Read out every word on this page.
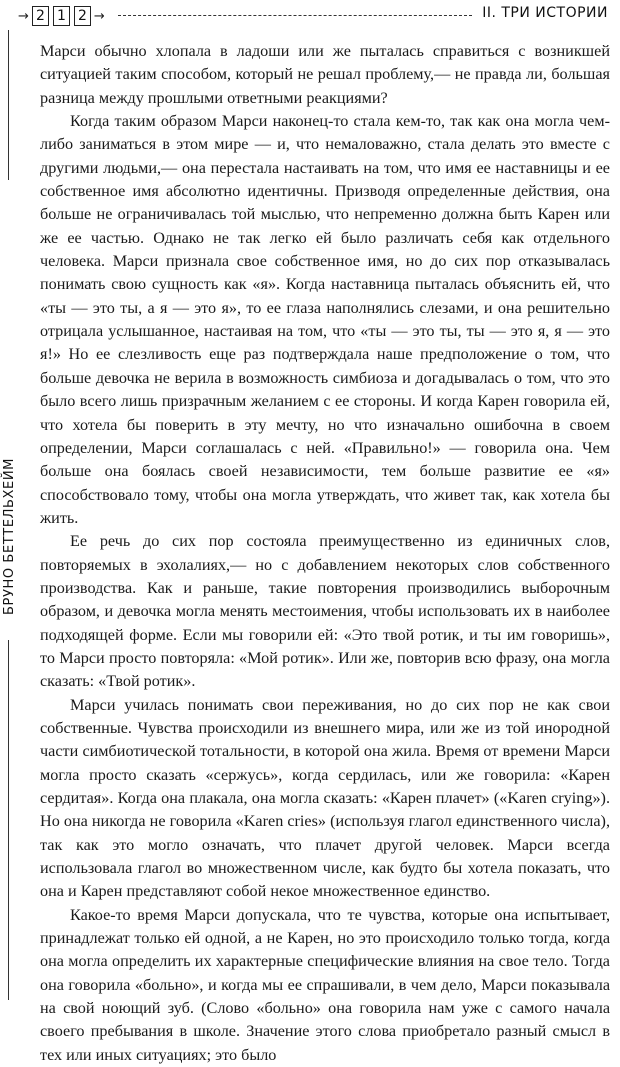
→ 2 1 2 →	II. ТРИ ИСТОРИИ
БРУНО БЕТТЕЛЬХЕЙМ

Марси обычно хлопала в ладоши или же пыталась справиться с возникшей ситуацией таким способом, который не решал проблему,— не правда ли, большая разница между прошлыми ответными реакциями?

Когда таким образом Марси наконец-то стала кем-то, так как она могла чем-либо заниматься в этом мире — и, что немаловажно, стала делать это вместе с другими людьми,— она перестала настаивать на том, что имя ее наставницы и ее собственное имя абсолютно идентичны. Призводя определенные действия, она больше не ограничивалась той мыслью, что непременно должна быть Карен или же ее частью. Однако не так легко ей было различать себя как отдельного человека. Марси признала свое собственное имя, но до сих пор отказывалась понимать свою сущность как «я». Когда наставница пыталась объяснить ей, что «ты — это ты, а я — это я», то ее глаза наполнялись слезами, и она решительно отрицала услышанное, настаивая на том, что «ты — это ты, ты — это я, я — это я!» Но ее слезливость еще раз подтверждала наше предположение о том, что больше девочка не верила в возможность симбиоза и догадывалась о том, что это было всего лишь призрачным желанием с ее стороны. И когда Карен говорила ей, что хотела бы поверить в эту мечту, но что изначально ошибочна в своем определении, Марси соглашалась с ней. «Правильно!» — говорила она. Чем больше она боялась своей независимости, тем больше развитие ее «я» способствовало тому, чтобы она могла утверждать, что живет так, как хотела бы жить.

Ее речь до сих пор состояла преимущественно из единичных слов, повторяемых в эхолалиях,— но с добавлением некоторых слов собственного производства. Как и раньше, такие повторения производились выборочным образом, и девочка могла менять местоимения, чтобы использовать их в наиболее подходящей форме. Если мы говорили ей: «Это твой ротик, и ты им говоришь», то Марси просто повторяла: «Мой ротик». Или же, повторив всю фразу, она могла сказать: «Твой ротик».

Марси училась понимать свои переживания, но до сих пор не как свои собственные. Чувства происходили из внешнего мира, или же из той инородной части симбиотической тотальности, в которой она жила. Время от времени Марси могла просто сказать «сержусь», когда сердилась, или же говорила: «Карен сердитая». Когда она плакала, она могла сказать: «Карен плачет» («Karen crying»). Но она никогда не говорила «Karen cries» (используя глагол единственного числа), так как это могло означать, что плачет другой человек. Марси всегда использовала глагол во множественном числе, как будто бы хотела показать, что она и Карен представляют собой некое множественное единство.

Какое-то время Марси допускала, что те чувства, которые она испытывает, принадлежат только ей одной, а не Карен, но это происходило только тогда, когда она могла определить их характерные специфические влияния на свое тело. Тогда она говорила «больно», и когда мы ее спрашивали, в чем дело, Марси показывала на свой ноющий зуб. (Слово «больно» она говорила нам уже с самого начала своего пребывания в школе. Значение этого слова приобретало разный смысл в тех или иных ситуациях; это было
